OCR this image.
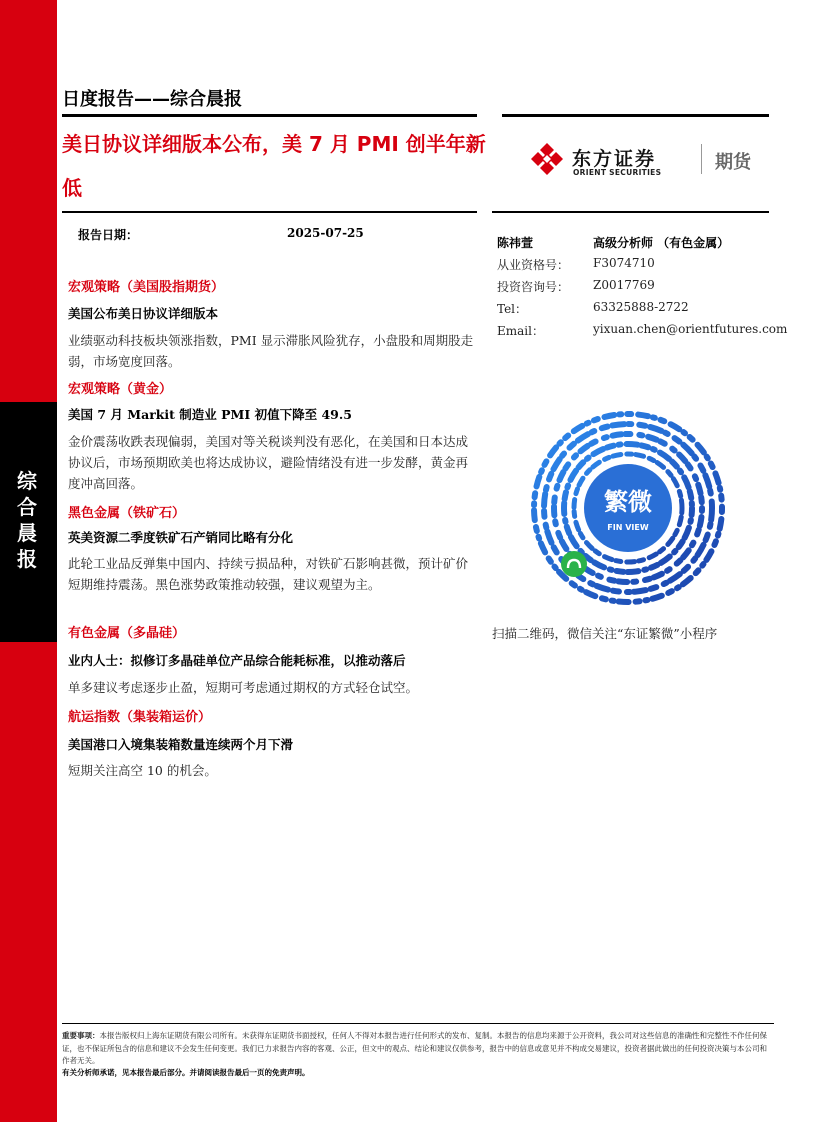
综合晨报
日度报告——综合晨报
美日协议详细版本公布，美 7 月 PMI 创半年新低
东方证券
ORIENT SECURITIES	期货
报告日期：	2025-07-25
宏观策略（美国股指期货）
美国公布美日协议详细版本
业绩驱动科技板块领涨指数，PMI 显示滞胀风险犹存，小盘股和周期股走弱，市场宽度回落。
宏观策略（黄金）
美国 7 月 Markit 制造业 PMI 初值下降至 49.5
金价震荡收跌表现偏弱，美国对等关税谈判没有恶化，在美国和日本达成协议后，市场预期欧美也将达成协议，避险情绪没有进一步发酵，黄金再度冲高回落。
黑色金属（铁矿石）
英美资源二季度铁矿石产销同比略有分化
此轮工业品反弹集中国内、持续亏损品种，对铁矿石影响甚微，预计矿价短期维持震荡。黑色涨势政策推动较强，建议观望为主。
有色金属（多晶硅）
业内人士：拟修订多晶硅单位产品综合能耗标准，以推动落后
单多建议考虑逐步止盈，短期可考虑通过期权的方式轻仓试空。
航运指数（集装箱运价）
美国港口入境集装箱数量连续两个月下滑
短期关注高空 10 的机会。
陈祎萱	高级分析师 （有色金属）
从业资格号： F3074710
投资咨询号： Z0017769
Tel：	63325888-2722
Email：	yixuan.chen@orientfutures.com
繁微
FIN VIEW
扫描二维码，微信关注“东证繁微”小程序
重要事项：本报告版权归上海东证期货有限公司所有。未获得东证期货书面授权，任何人不得对本报告进行任何形式的发布、复制。本报告的信息均来源于公开资料，我公司对这些信息的准确性和完整性不作任何保证，也不保证所包含的信息和建议不会发生任何变更。我们已力求报告内容的客观、公正，但文中的观点、结论和建议仅供参考，报告中的信息或意见并不构成交易建议，投资者据此做出的任何投资决策与本公司和作者无关。
有关分析师承诺，见本报告最后部分。并请阅读报告最后一页的免责声明。
